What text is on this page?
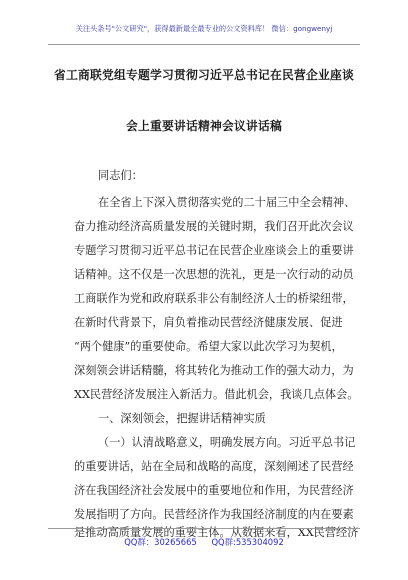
关注头条号"公文研究"，获得最新最全最专业的公文资料库！ 微信：gongwenyj
省工商联党组专题学习贯彻习近平总书记在民营企业座谈
会上重要讲话精神会议讲话稿
同志们：
在全省上下深入贯彻落实党的二十届三中全会精神、
奋力推动经济高质量发展的关键时期，我们召开此次会议
专题学习贯彻习近平总书记在民营企业座谈会上的重要讲
话精神。这不仅是一次思想的洗礼，更是一次行动的动员
工商联作为党和政府联系非公有制经济人士的桥梁纽带，
在新时代背景下，肩负着推动民营经济健康发展、促进
“两个健康”的重要使命。希望大家以此次学习为契机，
深刻领会讲话精髓，将其转化为推动工作的强大动力，为
XX民营经济发展注入新活力。借此机会，我谈几点体会。
一、深刻领会，把握讲话精神实质
（一）认清战略意义，明确发展方向。习近平总书记
的重要讲话，站在全局和战略的高度，深刻阐述了民营经
济在我国经济社会发展中的重要地位和作用，为民营经济
发展指明了方向。民营经济作为我国经济制度的内在要素
是推动高质量发展的重要主体。从数据来看，XX民营经济
QQ群：30265665 QQ群:535304092
